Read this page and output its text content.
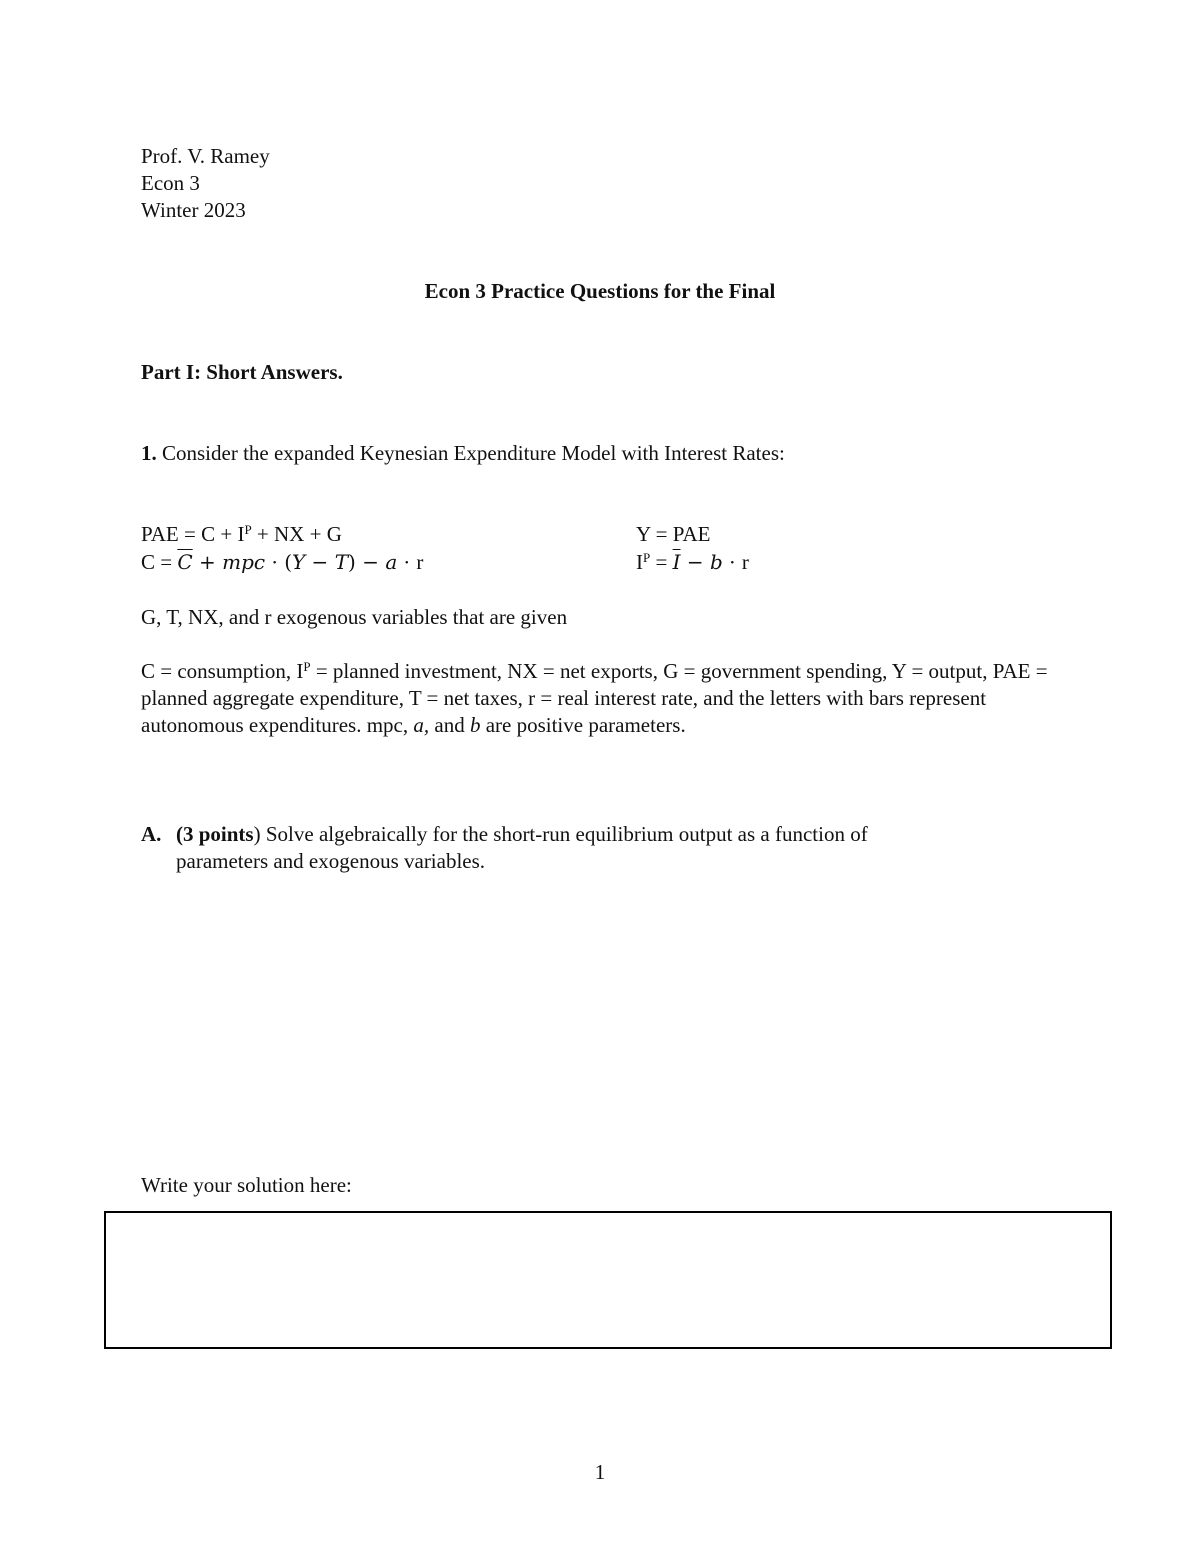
Prof. V. Ramey
Econ 3
Winter 2023
Econ 3 Practice Questions for the Final
Part I: Short Answers.
1. Consider the expanded Keynesian Expenditure Model with Interest Rates:
PAE = $C + I^P$ + NX + G	Y = PAE
$C = \overline{C}$ + mpc · (Y − T) − a · r	$I^P = \overline{I} - b \cdot r$
G, T, NX, and r exogenous variables that are given
C = consumption, $I^P$ = planned investment, NX = net exports, G = government spending, Y = output, PAE = planned aggregate expenditure, T = net taxes, r = real interest rate, and the letters with bars represent autonomous expenditures. mpc, a, and b are positive parameters.
A. (3 points) Solve algebraically for the short-run equilibrium output as a function of
parameters and exogenous variables.
Write your solution here:
1
